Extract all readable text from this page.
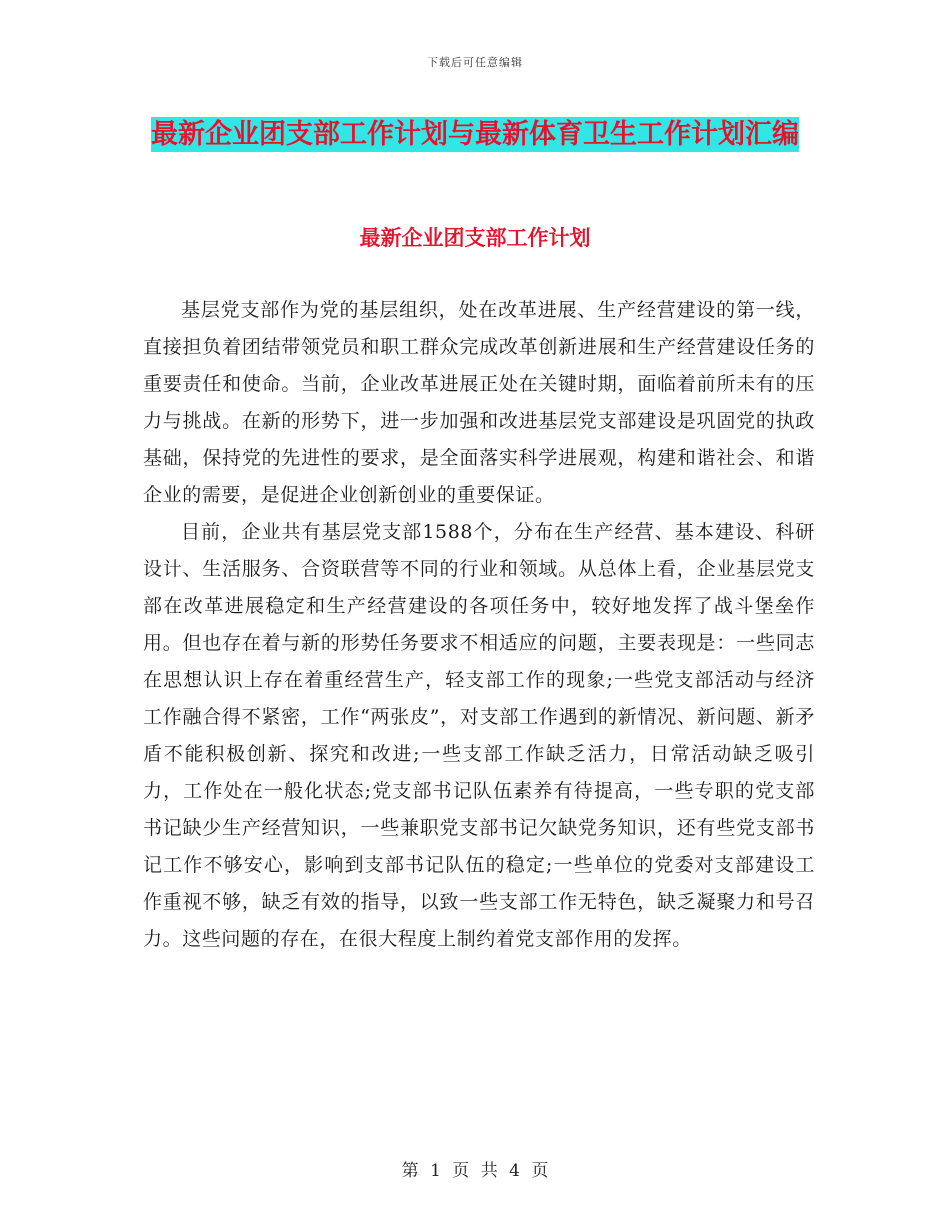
下载后可任意编辑
最新企业团支部工作计划与最新体育卫生工作计划汇编
最新企业团支部工作计划

基层党支部作为党的基层组织，处在改革进展、生产经营建设的第一线，直接担负着团结带领党员和职工群众完成改革创新进展和生产经营建设任务的重要责任和使命。当前，企业改革进展正处在关键时期，面临着前所未有的压力与挑战。在新的形势下，进一步加强和改进基层党支部建设是巩固党的执政基础，保持党的先进性的要求，是全面落实科学进展观，构建和谐社会、和谐企业的需要，是促进企业创新创业的重要保证。

目前，企业共有基层党支部1588个，分布在生产经营、基本建设、科研设计、生活服务、合资联营等不同的行业和领域。从总体上看，企业基层党支部在改革进展稳定和生产经营建设的各项任务中，较好地发挥了战斗堡垒作用。但也存在着与新的形势任务要求不相适应的问题，主要表现是：一些同志在思想认识上存在着重经营生产，轻支部工作的现象;一些党支部活动与经济工作融合得不紧密，工作“两张皮”，对支部工作遇到的新情况、新问题、新矛盾不能积极创新、探究和改进;一些支部工作缺乏活力，日常活动缺乏吸引力，工作处在一般化状态;党支部书记队伍素养有待提高，一些专职的党支部书记缺少生产经营知识，一些兼职党支部书记欠缺党务知识，还有些党支部书记工作不够安心，影响到支部书记队伍的稳定;一些单位的党委对支部建设工作重视不够，缺乏有效的指导，以致一些支部工作无特色，缺乏凝聚力和号召力。这些问题的存在，在很大程度上制约着党支部作用的发挥。

第 1 页 共 4 页
